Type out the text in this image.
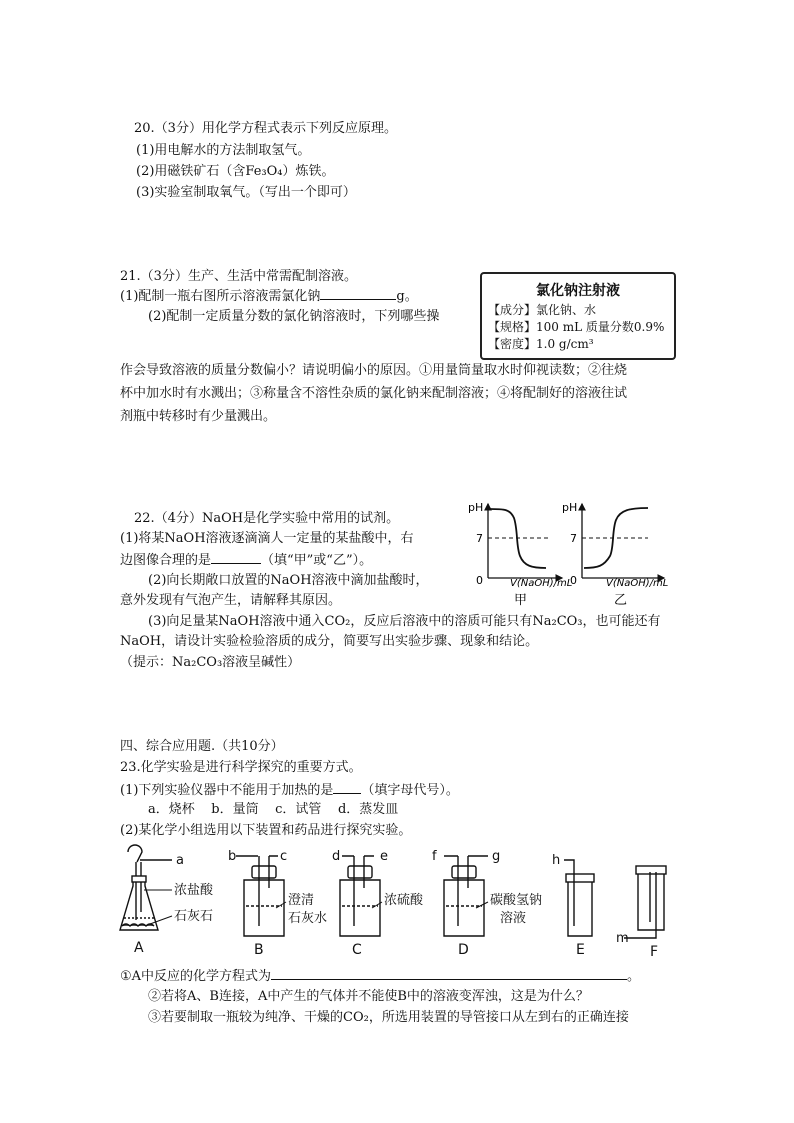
20.（3分）用化学方程式表示下列反应原理。
(1)用电解水的方法制取氢气。
(2)用磁铁矿石（含Fe₃O₄）炼铁。
(3)实验室制取氧气。（写出一个即可）
21.（3分）生产、生活中常需配制溶液。
(1)配制一瓶右图所示溶液需氯化钠	g。
(2)配制一定质量分数的氯化钠溶液时，下列哪些操
作会导致溶液的质量分数偏小？请说明偏小的原因。①用量筒量取水时仰视读数；②往烧
杯中加水时有水溅出；③称量含不溶性杂质的氯化钠来配制溶液；④将配制好的溶液往试
剂瓶中转移时有少量溅出。
氯化钠注射液
【成分】氯化钠、水
【规格】100 mL 质量分数0.9%
【密度】1.0 g/cm³
22.（4分）NaOH是化学实验中常用的试剂。
(1)将某NaOH溶液逐滴滴人一定量的某盐酸中，右
边图像合理的是	（填“甲”或“乙”）。
(2)向长期敞口放置的NaOH溶液中滴加盐酸时，
意外发现有气泡产生，请解释其原因。
(3)向足量某NaOH溶液中通入CO₂，反应后溶液中的溶质可能只有Na₂CO₃，也可能还有
NaOH，请设计实验检验溶质的成分，简要写出实验步骤、现象和结论。
（提示：Na₂CO₃溶液呈碱性）
pH
7
0	V(NaOH)/mL
甲
pH
7
0	V(NaOH)/mL
乙
四、综合应用题.（共10分）
23.化学实验是进行科学探究的重要方式。
(1)下列实验仪器中不能用于加热的是 （填字母代号）。
a．烧杯    b．量筒    c．试管    d．蒸发皿
(2)某化学小组选用以下装置和药品进行探究实验。
a	b	c	d	e	f	g	h
m
A	B	C	D	E	F
浓盐酸
石灰石
澄清
石灰水
浓硫酸	碳酸氢钠
溶液
①A中反应的化学方程式为	。
②若将A、B连接，A中产生的气体并不能使B中的溶液变浑浊，这是为什么？
③若要制取一瓶较为纯净、干燥的CO₂，所选用装置的导管接口从左到右的正确连接
